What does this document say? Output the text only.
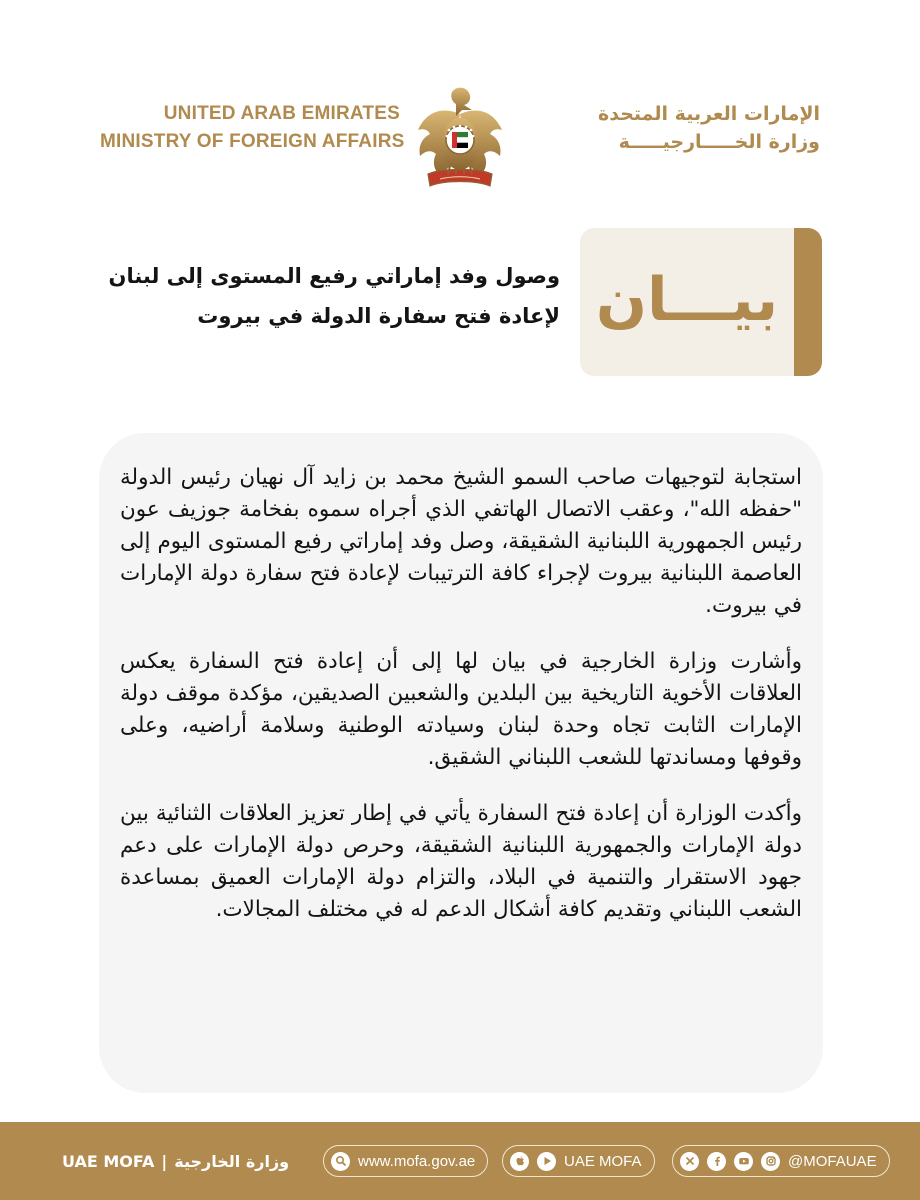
UNITED ARAB EMIRATES
MINISTRY OF FOREIGN AFFAIRS
الإمارات العربية المتحدة
وزارة الخـــــارجيـــــة
بيـــان
وصول وفد إماراتي رفيع المستوى إلى لبنان
لإعادة فتح سفارة الدولة في بيروت

استجابة لتوجيهات صاحب السمو الشيخ محمد بن زايد آل نهيان رئيس الدولة "حفظه الله"، وعقب الاتصال الهاتفي الذي أجراه سموه بفخامة جوزيف عون رئيس الجمهورية اللبنانية الشقيقة، وصل وفد إماراتي رفيع المستوى اليوم إلى العاصمة اللبنانية بيروت لإجراء كافة الترتيبات لإعادة فتح سفارة دولة الإمارات في بيروت.

وأشارت وزارة الخارجية في بيان لها إلى أن إعادة فتح السفارة يعكس العلاقات الأخوية التاريخية بين البلدين والشعبين الصديقين، مؤكدة موقف دولة الإمارات الثابت تجاه وحدة لبنان وسيادته الوطنية وسلامة أراضيه، وعلى وقوفها ومساندتها للشعب اللبناني الشقيق.

وأكدت الوزارة أن إعادة فتح السفارة يأتي في إطار تعزيز العلاقات الثنائية بين دولة الإمارات والجمهورية اللبنانية الشقيقة، وحرص دولة الإمارات على دعم جهود الاستقرار والتنمية في البلاد، والتزام دولة الإمارات العميق بمساعدة الشعب اللبناني وتقديم كافة أشكال الدعم له في مختلف المجالات.

UAE MOFA | وزارة الخارجية	www.mofa.gov.ae	UAE MOFA	@MOFAUAE
